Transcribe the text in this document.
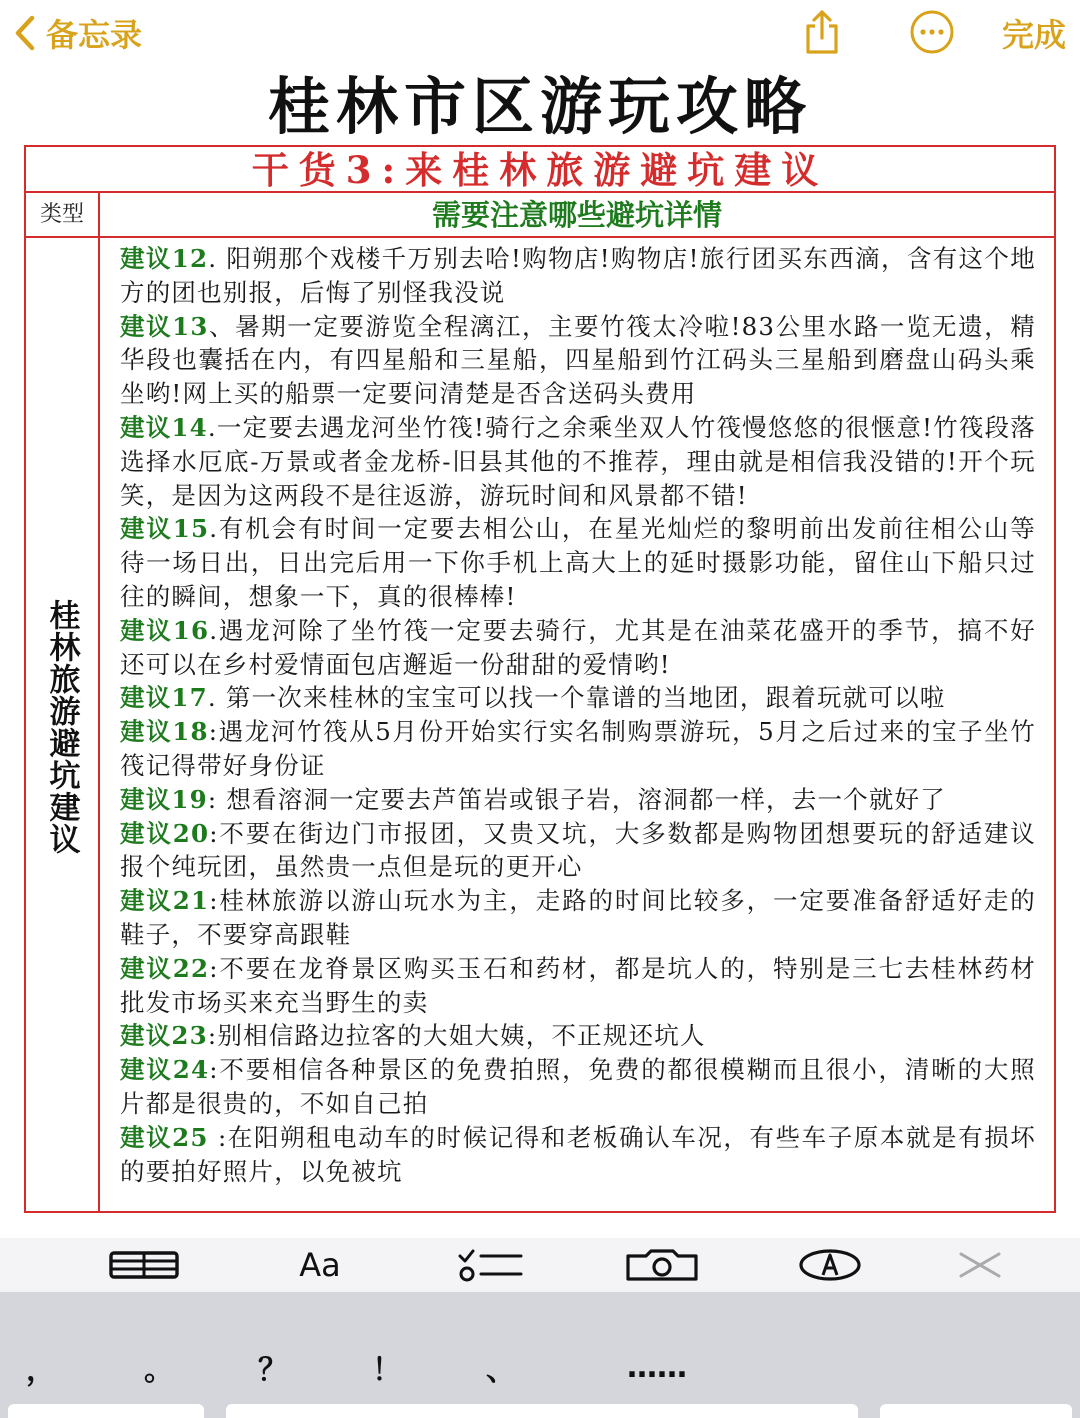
备忘录	完成
桂林市区游玩攻略
干货3:来桂林旅游避坑建议
类型	需要注意哪些避坑详情
桂林旅游避坑建议
建议12. 阳朔那个戏楼千万别去哈!购物店!购物店!旅行团买东西滴，含有这个地方的团也别报，后悔了别怪我没说
建议13、暑期一定要游览全程漓江，主要竹筏太冷啦!83公里水路一览无遗，精华段也囊括在内，有四星船和三星船，四星船到竹江码头三星船到磨盘山码头乘坐哟!网上买的船票一定要问清楚是否含送码头费用
建议14.一定要去遇龙河坐竹筏!骑行之余乘坐双人竹筏慢悠悠的很惬意!竹筏段落选择水厄底-万景或者金龙桥-旧县其他的不推荐，理由就是相信我没错的!开个玩笑，是因为这两段不是往返游，游玩时间和风景都不错!
建议15.有机会有时间一定要去相公山，在星光灿烂的黎明前出发前往相公山等待一场日出，日出完后用一下你手机上高大上的延时摄影功能，留住山下船只过往的瞬间，想象一下，真的很棒棒!
建议16.遇龙河除了坐竹筏一定要去骑行，尤其是在油菜花盛开的季节，搞不好还可以在乡村爱情面包店邂逅一份甜甜的爱情哟!
建议17. 第一次来桂林的宝宝可以找一个靠谱的当地团，跟着玩就可以啦
建议18:遇龙河竹筏从5月份开始实行实名制购票游玩，5月之后过来的宝子坐竹筏记得带好身份证
建议19: 想看溶洞一定要去芦笛岩或银子岩，溶洞都一样，去一个就好了
建议20:不要在街边门市报团，又贵又坑，大多数都是购物团想要玩的舒适建议报个纯玩团，虽然贵一点但是玩的更开心
建议21:桂林旅游以游山玩水为主，走路的时间比较多，一定要准备舒适好走的鞋子，不要穿高跟鞋
建议22:不要在龙脊景区购买玉石和药材，都是坑人的，特别是三七去桂林药材批发市场买来充当野生的卖
建议23:别相信路边拉客的大姐大姨，不正规还坑人
建议24:不要相信各种景区的免费拍照，免费的都很模糊而且很小，清晰的大照片都是很贵的，不如自己拍
建议25 :在阳朔租电动车的时候记得和老板确认车况，有些车子原本就是有损坏的要拍好照片，以免被坑
Aa
，	。	？	！	、	……
